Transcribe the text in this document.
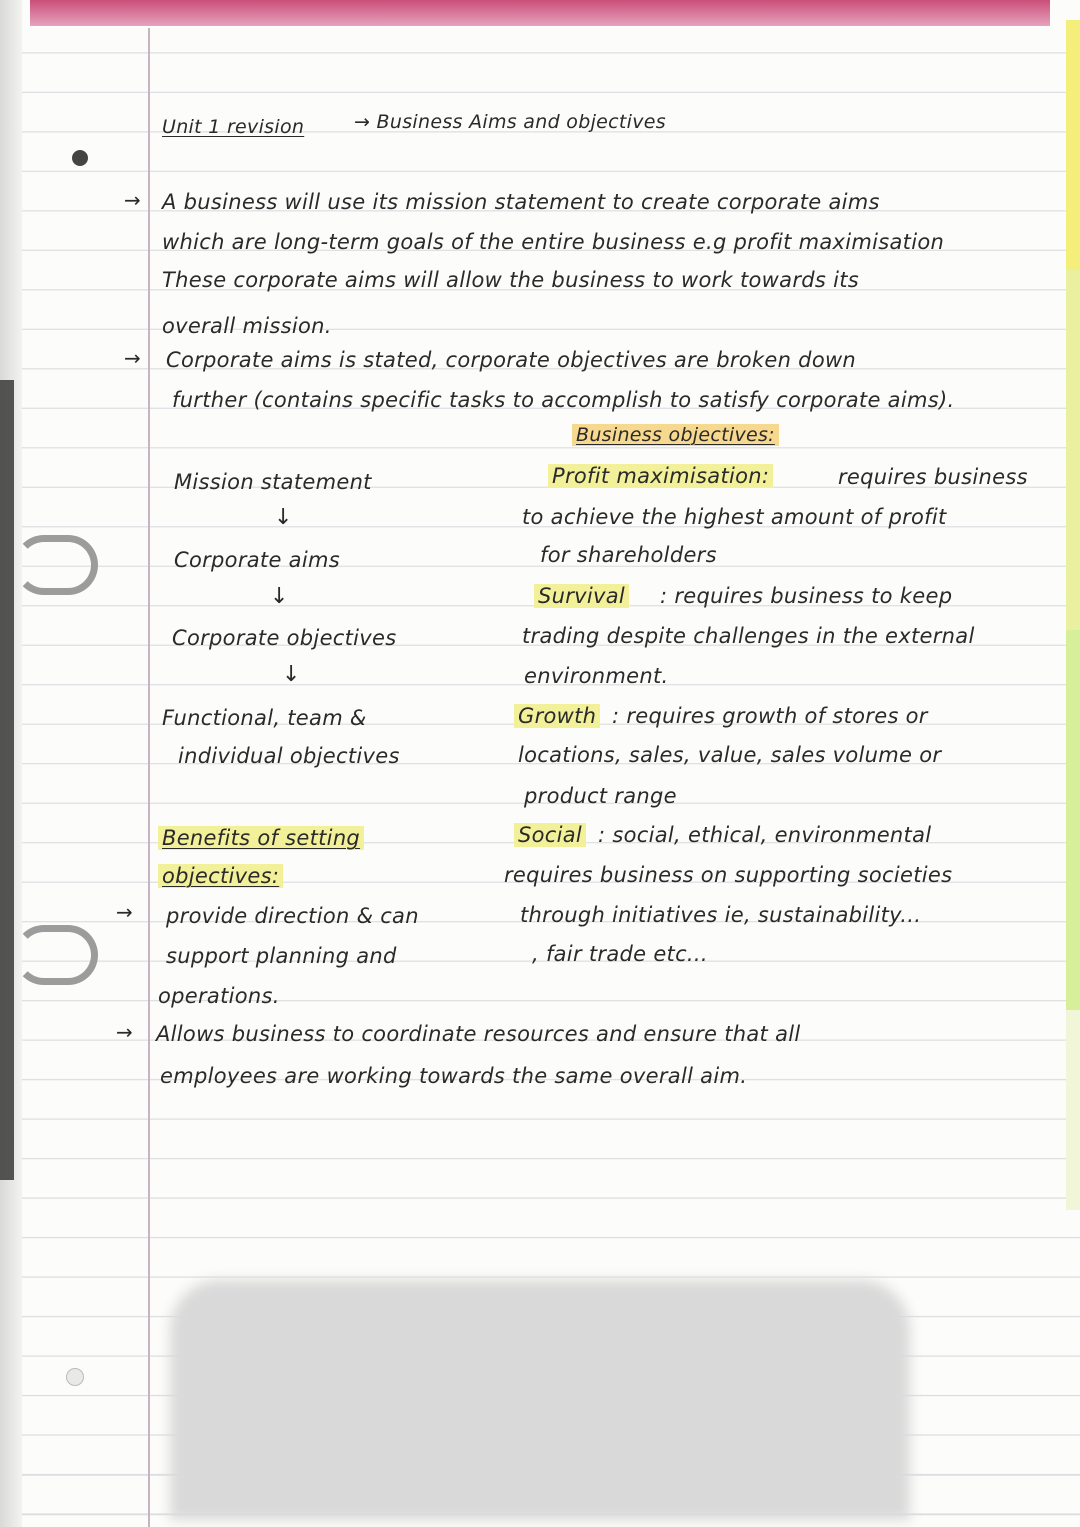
Unit 1 revision	→ Business Aims and objectives
→ A business will use its mission statement to create corporate aims
which are long-term goals of the entire business e.g profit maximisation
These corporate aims will allow the business to work towards its
overall mission.
→ Corporate aims is stated, corporate objectives are broken down
further (contains specific tasks to accomplish to satisfy corporate aims).
Business objectives:
Mission statement
↓
Corporate aims
↓
Corporate objectives
↓
Functional, team &
individual objectives
Profit maximisation:	requires business
to achieve the highest amount of profit
for shareholders
Survival : requires business to keep
trading despite challenges in the external
environment.
Growth : requires growth of stores or
locations, sales, value, sales volume or
product range
Social : social, ethical, environmental
requires business on supporting societies
through initiatives ie, sustainability...
, fair trade etc...
Benefits of setting
objectives:
→ provide direction & can
support planning and
operations.
→ Allows business to coordinate resources and ensure that all
employees are working towards the same overall aim.
